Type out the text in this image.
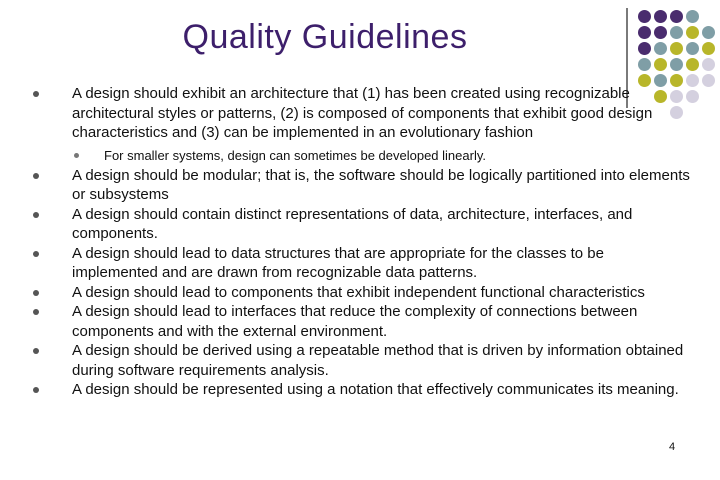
Quality Guidelines

A design should exhibit an architecture that (1) has been created using recognizable architectural styles or patterns, (2) is composed of components that exhibit good design characteristics and (3) can be implemented in an evolutionary fashion

For smaller systems, design can sometimes be developed linearly.

A design should be modular; that is, the software should be logically partitioned into elements or subsystems

A design should contain distinct representations of data, architecture, interfaces, and components.

A design should lead to data structures that are appropriate for the classes to be implemented and are drawn from recognizable data patterns.

A design should lead to components that exhibit independent functional characteristics

A design should lead to interfaces that reduce the complexity of connections between components and with the external environment.

A design should be derived using a repeatable method that is driven by information obtained during software requirements analysis.

A design should be represented using a notation that effectively communicates its meaning.

4
